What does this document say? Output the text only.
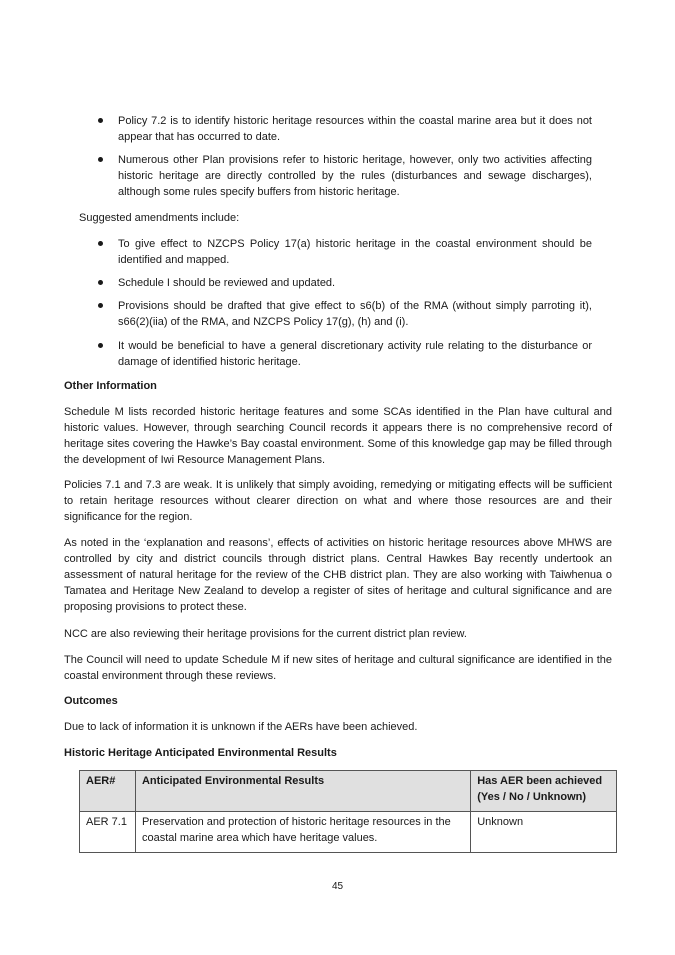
Policy 7.2 is to identify historic heritage resources within the coastal marine area but it does not appear that has occurred to date.
Numerous other Plan provisions refer to historic heritage, however, only two activities affecting historic heritage are directly controlled by the rules (disturbances and sewage discharges), although some rules specify buffers from historic heritage.

Suggested amendments include:

To give effect to NZCPS Policy 17(a) historic heritage in the coastal environment should be identified and mapped.
Schedule I should be reviewed and updated.
Provisions should be drafted that give effect to s6(b) of the RMA (without simply parroting it), s66(2)(iia) of the RMA, and NZCPS Policy 17(g), (h) and (i).
It would be beneficial to have a general discretionary activity rule relating to the disturbance or damage of identified historic heritage.

Other Information

Schedule M lists recorded historic heritage features and some SCAs identified in the Plan have cultural and historic values. However, through searching Council records it appears there is no comprehensive record of heritage sites covering the Hawke’s Bay coastal environment. Some of this knowledge gap may be filled through the development of Iwi Resource Management Plans.

Policies 7.1 and 7.3 are weak. It is unlikely that simply avoiding, remedying or mitigating effects will be sufficient to retain heritage resources without clearer direction on what and where those resources are and their significance for the region.

As noted in the ‘explanation and reasons’, effects of activities on historic heritage resources above MHWS are controlled by city and district councils through district plans. Central Hawkes Bay recently undertook an assessment of natural heritage for the review of the CHB district plan. They are also working with Taiwhenua o Tamatea and Heritage New Zealand to develop a register of sites of heritage and cultural significance and are proposing provisions to protect these.

NCC are also reviewing their heritage provisions for the current district plan review.

The Council will need to update Schedule M if new sites of heritage and cultural significance are identified in the coastal environment through these reviews.

Outcomes

Due to lack of information it is unknown if the AERs have been achieved.

Historic Heritage Anticipated Environmental Results

AER#	Anticipated Environmental Results	Has AER been achieved (Yes / No / Unknown)
AER 7.1	Preservation and protection of historic heritage resources in the coastal marine area which have heritage values.	Unknown
45
